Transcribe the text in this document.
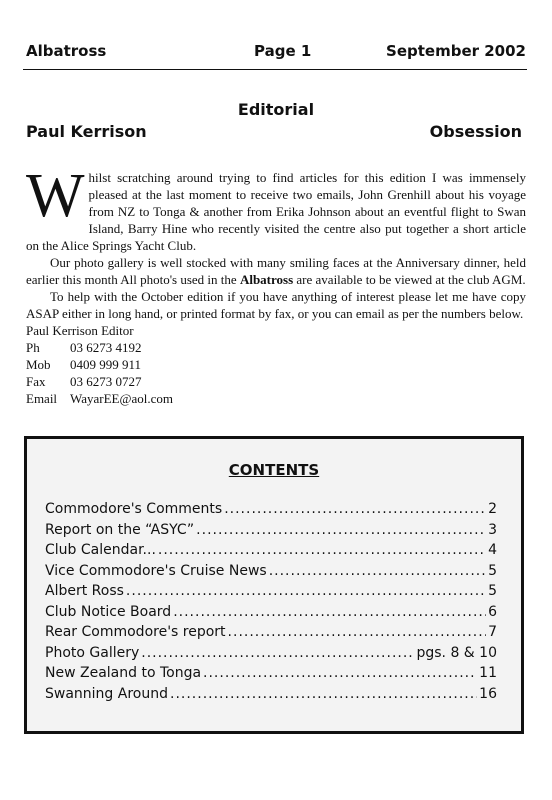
Albatross	Page 1	September 2002
Editorial
Paul Kerrison	Obsession

Whilst scratching around trying to find articles for this edition I was immensely pleased at the last moment to receive two emails, John Grenhill about his voyage from NZ to Tonga & another from Erika Johnson about an eventful flight to Swan Island, Barry Hine who recently visited the centre also put together a short article on the Alice Springs Yacht Club.

Our photo gallery is well stocked with many smiling faces at the Anniversary dinner, held earlier this month All photo's used in the Albatross are available to be viewed at the club AGM.

To help with the October edition if you have anything of interest please let me have copy ASAP either in long hand, or printed format by fax, or you can email as per the numbers below.

Paul Kerrison Editor
Ph 03 6273 4192
Mob 0409 999 911
Fax 03 6273 0727
Email WayarEE@aol.com
CONTENTS
Commodore's Comments .....	2
Report on the “ASYC” .....	3
Club Calendar... .....	4
Vice Commodore's Cruise News .....	5
Albert Ross .....	5
Club Notice Board .....	6
Rear Commodore's report .....	7
Photo Gallery .....	pgs. 8 & 10
New Zealand to Tonga .....	11
Swanning Around .....	16
